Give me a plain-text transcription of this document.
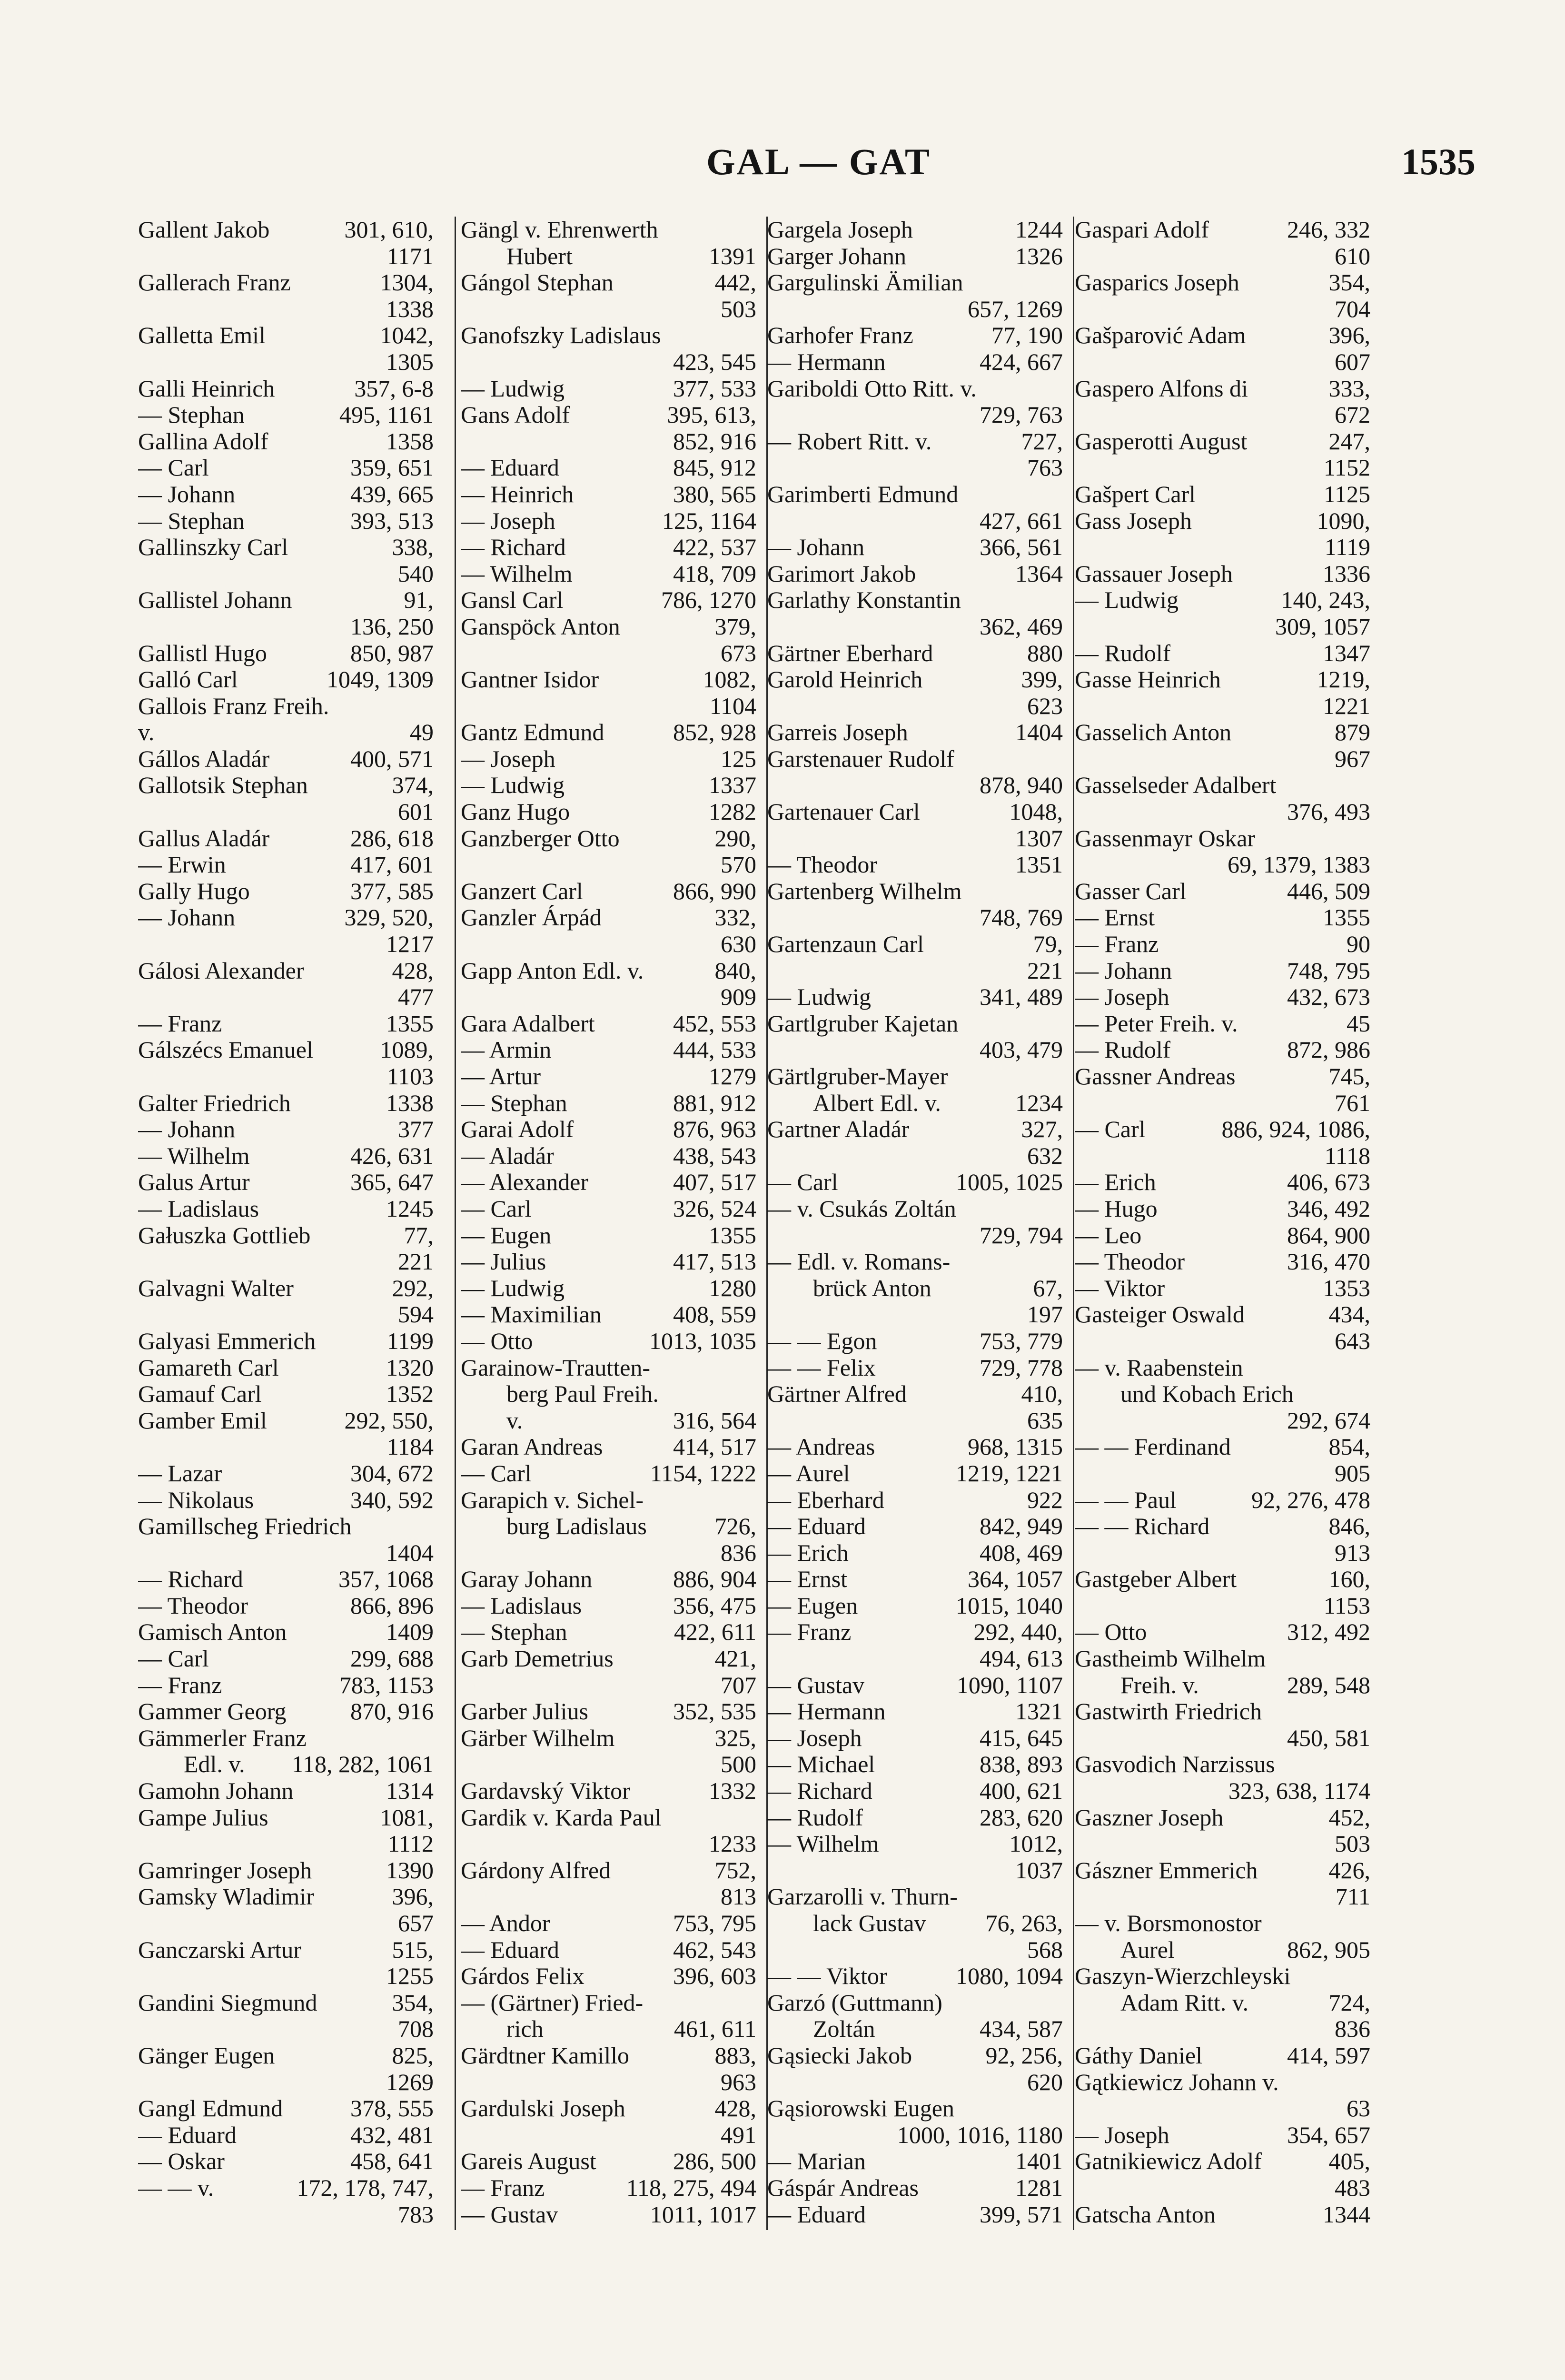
GAL — GAT	1535
Gallent Jakob	301, 610,
1171
Gallerach Franz	1304,
1338
Galletta Emil	1042,
1305
Galli Heinrich	357, 6-8
— Stephan	495, 1161
Gallina Adolf	1358
— Carl	359, 651
— Johann	439, 665
— Stephan	393, 513
Gallinszky Carl	338,
540
Gallistel Johann	91,
136, 250
Gallistl Hugo	850, 987
Galló Carl	1049, 1309
Gallois Franz Freih.
v.	49
Gállos Aladár	400, 571
Gallotsik Stephan	374,
601
Gallus Aladár	286, 618
— Erwin	417, 601
Gally Hugo	377, 585
— Johann	329, 520,
1217
Gálosi Alexander	428,
477
— Franz	1355
Gálszécs Emanuel	1089,
1103
Galter Friedrich	1338
— Johann	377
— Wilhelm	426, 631
Galus Artur	365, 647
— Ladislaus	1245
Gałuszka Gottlieb	77,
221
Galvagni Walter	292,
594
Galyasi Emmerich	1199
Gamareth Carl	1320
Gamauf Carl	1352
Gamber Emil	292, 550,
1184
— Lazar	304, 672
— Nikolaus	340, 592
Gamillscheg Friedrich
1404
— Richard	357, 1068
— Theodor	866, 896
Gamisch Anton	1409
— Carl	299, 688
— Franz	783, 1153
Gammer Georg	870, 916
Gämmerler Franz
Edl. v. 118, 282, 1061
Gamohn Johann	1314
Gampe Julius	1081,
1112
Gamringer Joseph	1390
Gamsky Wladimir	396,
657
Ganczarski Artur	515,
1255
Gandini Siegmund	354,
708
Gänger Eugen	825,
1269
Gangl Edmund	378, 555
— Eduard	432, 481
— Oskar	458, 641
— — v.	172, 178, 747,
783
Gängl v. Ehrenwerth
Hubert	1391
Gángol Stephan	442,
503
Ganofszky Ladislaus
423, 545
— Ludwig	377, 533
Gans Adolf	395, 613,
852, 916
— Eduard	845, 912
— Heinrich	380, 565
— Joseph	125, 1164
— Richard	422, 537
— Wilhelm	418, 709
Gansl Carl	786, 1270
Ganspöck Anton	379,
673
Gantner Isidor	1082,
1104
Gantz Edmund	852, 928
— Joseph	125
— Ludwig	1337
Ganz Hugo	1282
Ganzberger Otto	290,
570
Ganzert Carl	866, 990
Ganzler Árpád	332,
630
Gapp Anton Edl. v.	840,
909
Gara Adalbert	452, 553
— Armin	444, 533
— Artur	1279
— Stephan	881, 912
Garai Adolf	876, 963
— Aladár	438, 543
— Alexander	407, 517
— Carl	326, 524
— Eugen	1355
— Julius	417, 513
— Ludwig	1280
— Maximilian	408, 559
— Otto	1013, 1035
Garainow-Trautten-
berg Paul Freih.
v.	316, 564
Garan Andreas	414, 517
— Carl	1154, 1222
Garapich v. Sichel-
burg Ladislaus	726,
836
Garay Johann	886, 904
— Ladislaus	356, 475
— Stephan	422, 611
Garb Demetrius	421,
707
Garber Julius	352, 535
Gärber Wilhelm	325,
500
Gardavský Viktor	1332
Gardik v. Karda Paul
1233
Gárdony Alfred	752,
813
— Andor	753, 795
— Eduard	462, 543
Gárdos Felix	396, 603
— (Gärtner) Fried-
rich	461, 611
Gärdtner Kamillo	883,
963
Gardulski Joseph	428,
491
Gareis August	286, 500
— Franz	118, 275, 494
— Gustav	1011, 1017
Gargela Joseph	1244
Garger Johann	1326
Gargulinski Ämilian
657, 1269
Garhofer Franz	77, 190
— Hermann	424, 667
Gariboldi Otto Ritt. v.
729, 763
— Robert Ritt. v.	727,
763
Garimberti Edmund
427, 661
— Johann	366, 561
Garimort Jakob	1364
Garlathy Konstantin
362, 469
Gärtner Eberhard	880
Garold Heinrich	399,
623
Garreis Joseph	1404
Garstenauer Rudolf
878, 940
Gartenauer Carl	1048,
1307
— Theodor	1351
Gartenberg Wilhelm
748, 769
Gartenzaun Carl	79,
221
— Ludwig	341, 489
Gartlgruber Kajetan
403, 479
Gärtlgruber-Mayer
Albert Edl. v.	1234
Gartner Aladár	327,
632
— Carl	1005, 1025
— v. Csukás Zoltán
729, 794
— Edl. v. Romans-
brück Anton	67,
197
— — Egon	753, 779
— — Felix	729, 778
Gärtner Alfred	410,
635
— Andreas	968, 1315
— Aurel	1219, 1221
— Eberhard	922
— Eduard	842, 949
— Erich	408, 469
— Ernst	364, 1057
— Eugen	1015, 1040
— Franz	292, 440,
494, 613
— Gustav	1090, 1107
— Hermann	1321
— Joseph	415, 645
— Michael	838, 893
— Richard	400, 621
— Rudolf	283, 620
— Wilhelm	1012,
1037
Garzarolli v. Thurn-
lack Gustav	76, 263,
568
— — Viktor	1080, 1094
Garzó (Guttmann)
Zoltán	434, 587
Gąsiecki Jakob	92, 256,
620
Gąsiorowski Eugen
1000, 1016, 1180
— Marian	1401
Gáspár Andreas	1281
— Eduard	399, 571
Gaspari Adolf	246, 332
610
Gasparics Joseph	354,
704
Gašparović Adam	396,
607
Gaspero Alfons di	333,
672
Gasperotti August	247,
1152
Gašpert Carl	1125
Gass Joseph	1090,
1119
Gassauer Joseph	1336
— Ludwig	140, 243,
309, 1057
— Rudolf	1347
Gasse Heinrich	1219,
1221
Gasselich Anton	879
967
Gasselseder Adalbert
376, 493
Gassenmayr Oskar
69, 1379, 1383
Gasser Carl	446, 509
— Ernst	1355
— Franz	90
— Johann	748, 795
— Joseph	432, 673
— Peter Freih. v.	45
— Rudolf	872, 986
Gassner Andreas	745,
761
— Carl	886, 924, 1086,
1118
— Erich	406, 673
— Hugo	346, 492
— Leo	864, 900
— Theodor	316, 470
— Viktor	1353
Gasteiger Oswald	434,
643
— v. Raabenstein
und Kobach Erich
292, 674
— — Ferdinand	854,
905
— — Paul	92, 276, 478
— — Richard	846,
913
Gastgeber Albert	160,
1153
— Otto	312, 492
Gastheimb Wilhelm
Freih. v.	289, 548
Gastwirth Friedrich
450, 581
Gasvodich Narzissus
323, 638, 1174
Gaszner Joseph	452,
503
Gászner Emmerich	426,
711
— v. Borsmonostor
Aurel	862, 905
Gaszyn-Wierzchleyski
Adam Ritt. v.	724,
836
Gáthy Daniel	414, 597
Gątkiewicz Johann v.
63
— Joseph	354, 657
Gatnikiewicz Adolf	405,
483
Gatscha Anton	1344
